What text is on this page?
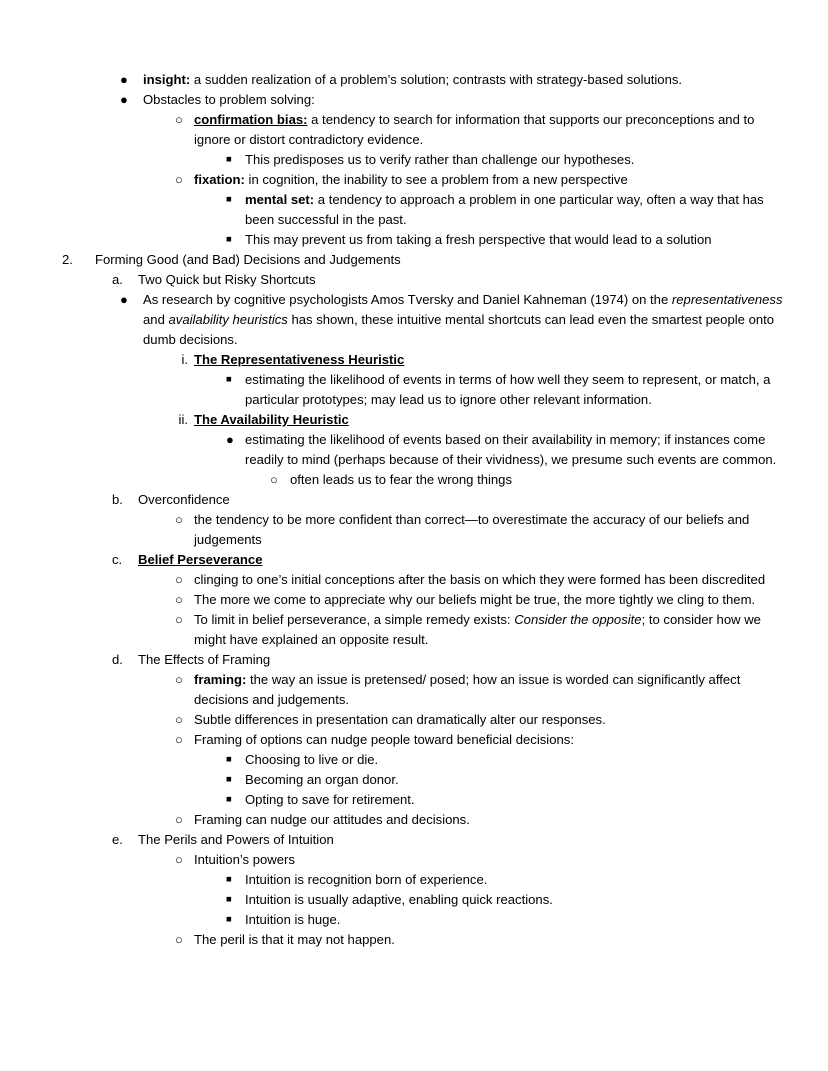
● insight: a sudden realization of a problem’s solution; contrasts with strategy-based solutions.
● Obstacles to problem solving:
○ confirmation bias: a tendency to search for information that supports our preconceptions and to ignore or distort contradictory evidence.
■ This predisposes us to verify rather than challenge our hypotheses.
○ fixation: in cognition, the inability to see a problem from a new perspective
■ mental set: a tendency to approach a problem in one particular way, often a way that has been successful in the past.
■ This may prevent us from taking a fresh perspective that would lead to a solution
2. Forming Good (and Bad) Decisions and Judgements
a. Two Quick but Risky Shortcuts
● As research by cognitive psychologists Amos Tversky and Daniel Kahneman (1974) on the representativeness and availability heuristics has shown, these intuitive mental shortcuts can lead even the smartest people onto dumb decisions.
i. The Representativeness Heuristic
■ estimating the likelihood of events in terms of how well they seem to represent, or match, a particular prototypes; may lead us to ignore other relevant information.
ii. The Availability Heuristic
● estimating the likelihood of events based on their availability in memory; if instances come readily to mind (perhaps because of their vividness), we presume such events are common.
○ often leads us to fear the wrong things
b. Overconfidence
○ the tendency to be more confident than correct—to overestimate the accuracy of our beliefs and judgements
c. Belief Perseverance
○ clinging to one’s initial conceptions after the basis on which they were formed has been discredited
○ The more we come to appreciate why our beliefs might be true, the more tightly we cling to them.
○ To limit in belief perseverance, a simple remedy exists: Consider the opposite; to consider how we might have explained an opposite result.
d. The Effects of Framing
○ framing: the way an issue is pretensed/ posed; how an issue is worded can significantly affect decisions and judgements.
○ Subtle differences in presentation can dramatically alter our responses.
○ Framing of options can nudge people toward beneficial decisions:
■ Choosing to live or die.
■ Becoming an organ donor.
■ Opting to save for retirement.
○ Framing can nudge our attitudes and decisions.
e. The Perils and Powers of Intuition
○ Intuition’s powers
■ Intuition is recognition born of experience.
■ Intuition is usually adaptive, enabling quick reactions.
■ Intuition is huge.
○ The peril is that it may not happen.
